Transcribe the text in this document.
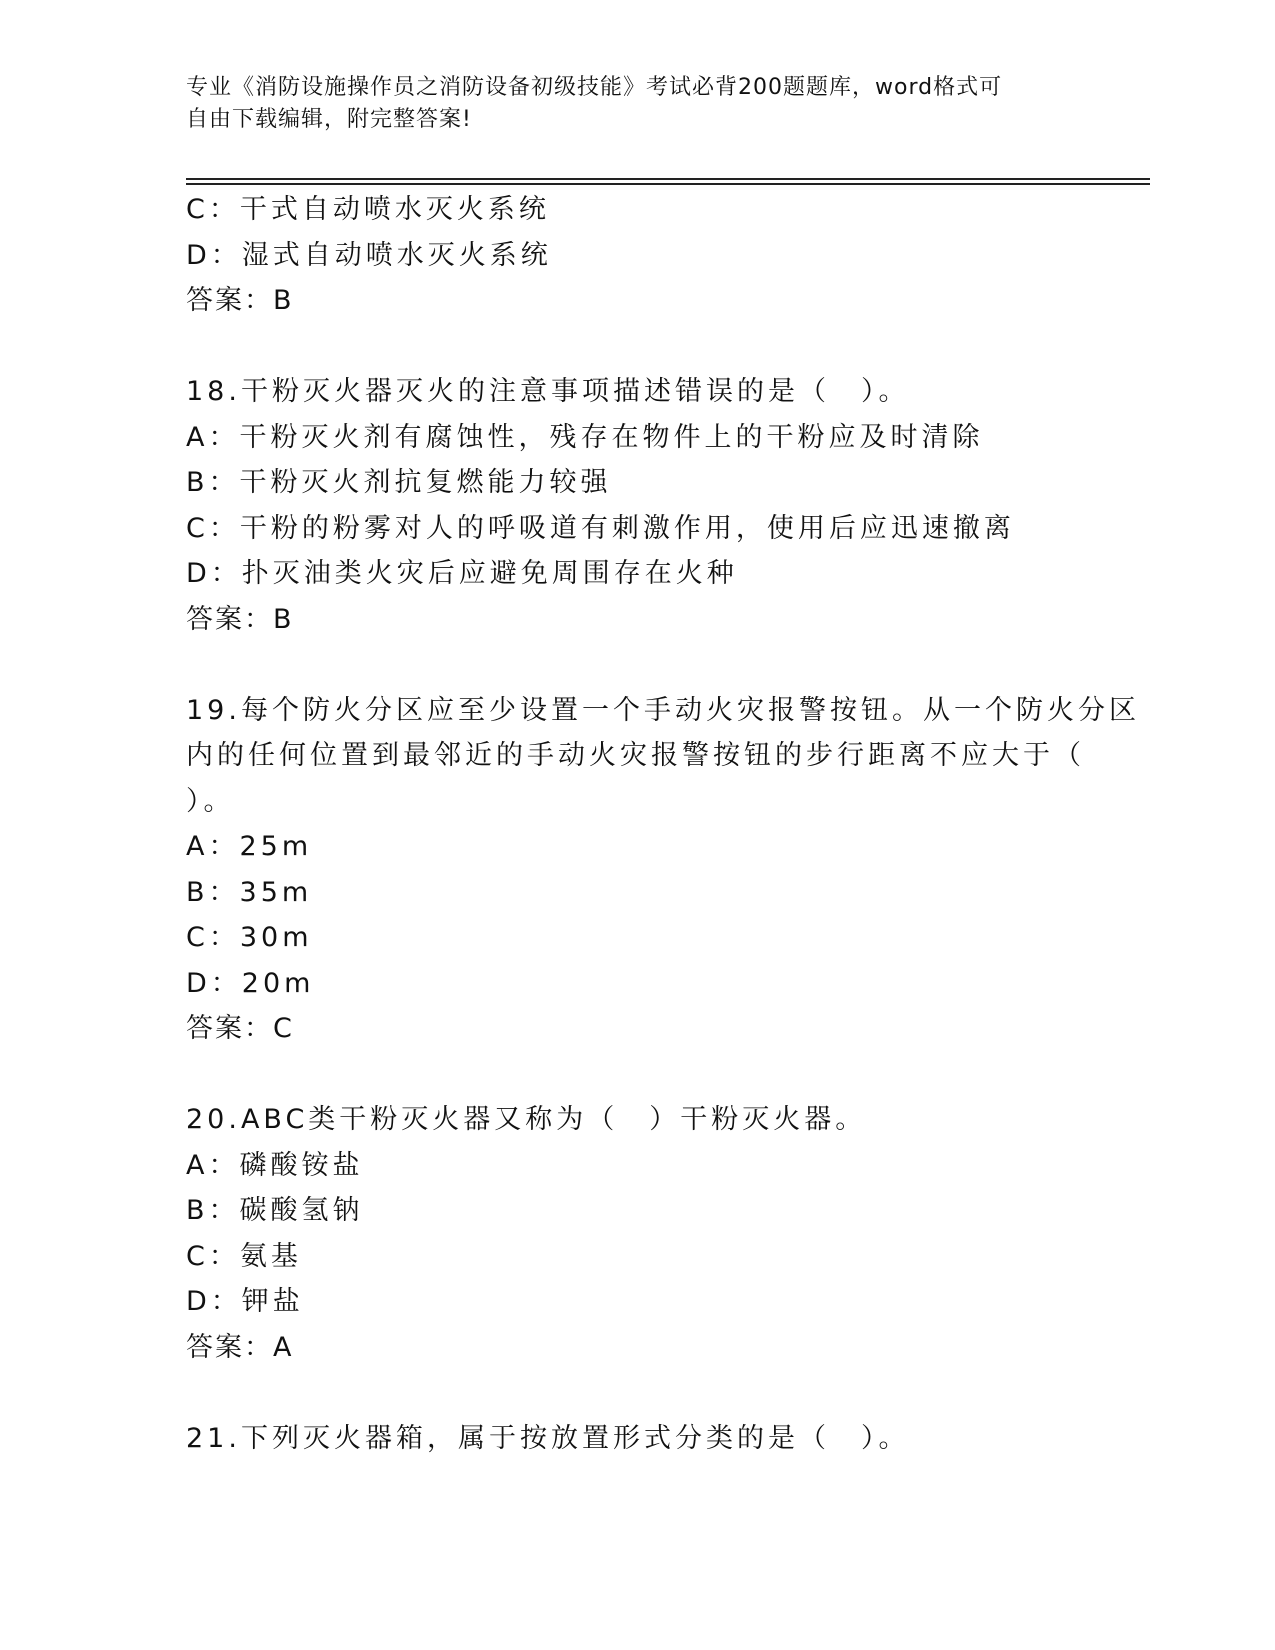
专业《消防设施操作员之消防设备初级技能》考试必背200题题库，word格式可
自由下载编辑，附完整答案!
C：干式自动喷水灭火系统
D：湿式自动喷水灭火系统
答案：B
18.干粉灭火器灭火的注意事项描述错误的是（　）。
A：干粉灭火剂有腐蚀性，残存在物件上的干粉应及时清除
B：干粉灭火剂抗复燃能力较强
C：干粉的粉雾对人的呼吸道有刺激作用，使用后应迅速撤离
D：扑灭油类火灾后应避免周围存在火种
答案：B
19.每个防火分区应至少设置一个手动火灾报警按钮。从一个防火分区
内的任何位置到最邻近的手动火灾报警按钮的步行距离不应大于（
）。
A：25m
B：35m
C：30m
D：20m
答案：C
20.ABC类干粉灭火器又称为（　）干粉灭火器。
A：磷酸铵盐
B：碳酸氢钠
C：氨基
D：钾盐
答案：A
21.下列灭火器箱，属于按放置形式分类的是（　）。
